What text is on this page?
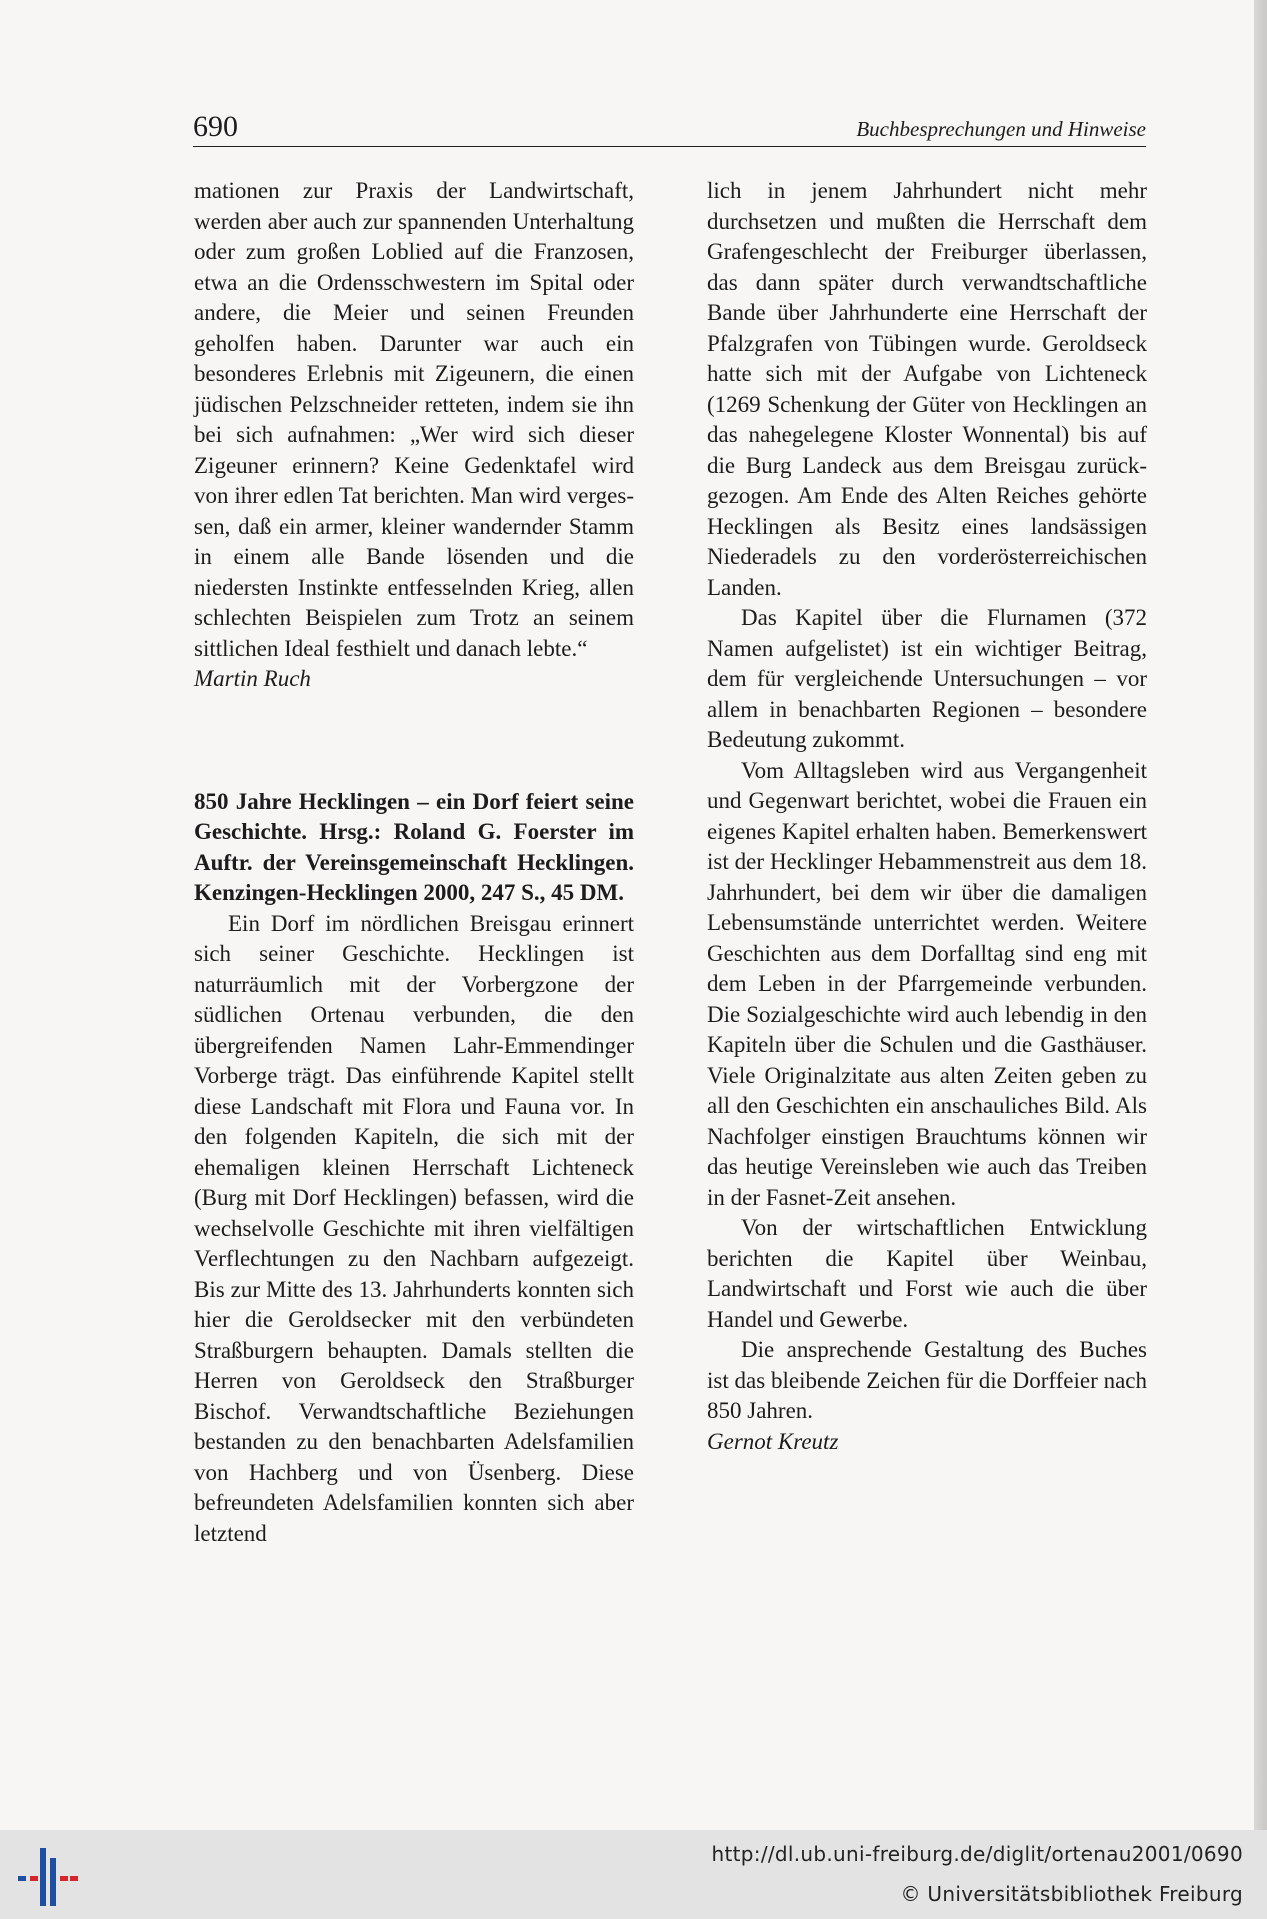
690	Buchbesprechungen und Hinweise

mationen zur Praxis der Landwirtschaft, werden aber auch zur spannenden Unterhaltung oder zum großen Loblied auf die Franzosen, etwa an die Ordensschwestern im Spital oder andere, die Meier und seinen Freunden geholfen haben. Darunter war auch ein besonderes Erlebnis mit Zigeunern, die einen jüdischen Pelzschneider retteten, indem sie ihn bei sich aufnahmen: „Wer wird sich dieser Zigeuner erinnern? Keine Gedenktafel wird von ihrer edlen Tat berichten. Man wird vergessen, daß ein armer, kleiner wandernder Stamm in einem alle Bande lösenden und die niedersten Instinkte entfesselnden Krieg, allen schlechten Beispielen zum Trotz an seinem sittlichen Ideal festhielt und danach lebte.“

Martin Ruch

850 Jahre Hecklingen – ein Dorf feiert seine Geschichte. Hrsg.: Roland G. Foerster im Auftr. der Vereinsgemeinschaft Hecklingen. Kenzingen-Hecklingen 2000, 247 S., 45 DM.

Ein Dorf im nördlichen Breisgau erinnert sich seiner Geschichte. Hecklingen ist naturräumlich mit der Vorbergzone der südlichen Ortenau verbunden, die den übergreifenden Namen Lahr-Emmendinger Vorberge trägt. Das einführende Kapitel stellt diese Landschaft mit Flora und Fauna vor. In den folgenden Kapiteln, die sich mit der ehemaligen kleinen Herrschaft Lichteneck (Burg mit Dorf Hecklingen) befassen, wird die wechselvolle Geschichte mit ihren vielfältigen Verflechtungen zu den Nachbarn aufgezeigt. Bis zur Mitte des 13. Jahrhunderts konnten sich hier die Geroldsecker mit den verbündeten Straßburgern behaupten. Damals stellten die Herren von Geroldseck den Straßburger Bischof. Verwandtschaftliche Beziehungen bestanden zu den benachbarten Adelsfamilien von Hachberg und von Üsenberg. Diese befreundeten Adelsfamilien konnten sich aber letztend

lich in jenem Jahrhundert nicht mehr durchsetzen und mußten die Herrschaft dem Grafengeschlecht der Freiburger überlassen, das dann später durch verwandtschaftliche Bande über Jahrhunderte eine Herrschaft der Pfalzgrafen von Tübingen wurde. Geroldseck hatte sich mit der Aufgabe von Lichteneck (1269 Schenkung der Güter von Hecklingen an das nahegelegene Kloster Wonnental) bis auf die Burg Landeck aus dem Breisgau zurückgezogen. Am Ende des Alten Reiches gehörte Hecklingen als Besitz eines landsässigen Niederadels zu den vorderösterreichischen Landen.

Das Kapitel über die Flurnamen (372 Namen aufgelistet) ist ein wichtiger Beitrag, dem für vergleichende Untersuchungen – vor allem in benachbarten Regionen – besondere Bedeutung zukommt.

Vom Alltagsleben wird aus Vergangenheit und Gegenwart berichtet, wobei die Frauen ein eigenes Kapitel erhalten haben. Bemerkenswert ist der Hecklinger Hebammenstreit aus dem 18. Jahrhundert, bei dem wir über die damaligen Lebensumstände unterrichtet werden. Weitere Geschichten aus dem Dorfalltag sind eng mit dem Leben in der Pfarrgemeinde verbunden. Die Sozialgeschichte wird auch lebendig in den Kapiteln über die Schulen und die Gasthäuser. Viele Originalzitate aus alten Zeiten geben zu all den Geschichten ein anschauliches Bild. Als Nachfolger einstigen Brauchtums können wir das heutige Vereinsleben wie auch das Treiben in der Fasnet-Zeit ansehen.

Von der wirtschaftlichen Entwicklung berichten die Kapitel über Weinbau, Landwirtschaft und Forst wie auch die über Handel und Gewerbe.

Die ansprechende Gestaltung des Buches ist das bleibende Zeichen für die Dorffeier nach 850 Jahren.

Gernot Kreutz

http://dl.ub.uni-freiburg.de/diglit/ortenau2001/0690
© Universitätsbibliothek Freiburg
